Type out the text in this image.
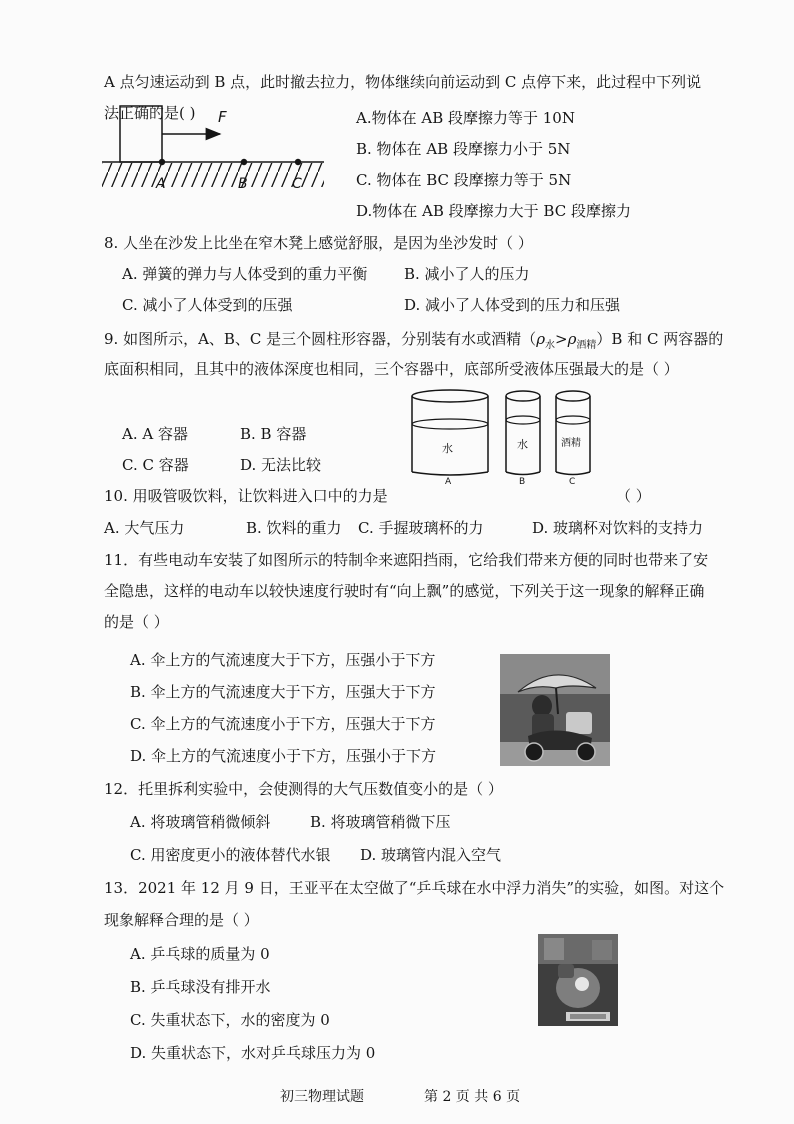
A 点匀速运动到 B 点，此时撤去拉力，物体继续向前运动到 C 点停下来，此过程中下列说
法正确的是( ) F
A	B	C
A.物体在 AB 段摩擦力等于 10N
B. 物体在 AB 段摩擦力小于 5N
C. 物体在 BC 段摩擦力等于 5N
D.物体在 AB 段摩擦力大于 BC 段摩擦力
8. 人坐在沙发上比坐在窄木凳上感觉舒服，是因为坐沙发时（ ）
A. 弹簧的弹力与人体受到的重力平衡 B. 减小了人的压力
C. 减小了人体受到的压强	D. 减小了人体受到的压力和压强
9. 如图所示，A、B、C 是三个圆柱形容器，分别装有水或酒精$(\rho_水>\rho_{酒精})B$ 和 C 两容器的
底面积相同，且其中的液体深度也相同，三个容器中，底部所受液体压强最大的是（ ）
A. A 容器	B. B 容器
C. C 容器	D. 无法比较
水
A
水
B
酒精
C
10. 用吸管吸饮料，让饮料进入口中的力是	（ ）
A. 大气压力	B. 饮料的重力 C. 手握玻璃杯的力	D. 玻璃杯对饮料的支持力
11．有些电动车安装了如图所示的特制伞来遮阳挡雨，它给我们带来方便的同时也带来了安
全隐患，这样的电动车以较快速度行驶时有“向上飘”的感觉，下列关于这一现象的解释正确
的是（ ）
A. 伞上方的气流速度大于下方，压强小于下方
B. 伞上方的气流速度大于下方，压强大于下方
C. 伞上方的气流速度小于下方，压强大于下方
D. 伞上方的气流速度小于下方，压强小于下方
12．托里拆利实验中，会使测得的大气压数值变小的是（ ）
A. 将玻璃管稍微倾斜	B. 将玻璃管稍微下压
C. 用密度更小的液体替代水银 D. 玻璃管内混入空气
13．2021 年 12 月 9 日，王亚平在太空做了“乒乓球在水中浮力消失”的实验，如图。对这个
现象解释合理的是（ ）
A. 乒乓球的质量为 0
B. 乒乓球没有排开水
C. 失重状态下，水的密度为 0
D. 失重状态下，水对乒乓球压力为 0
初三物理试题	第 2 页 共 6 页
